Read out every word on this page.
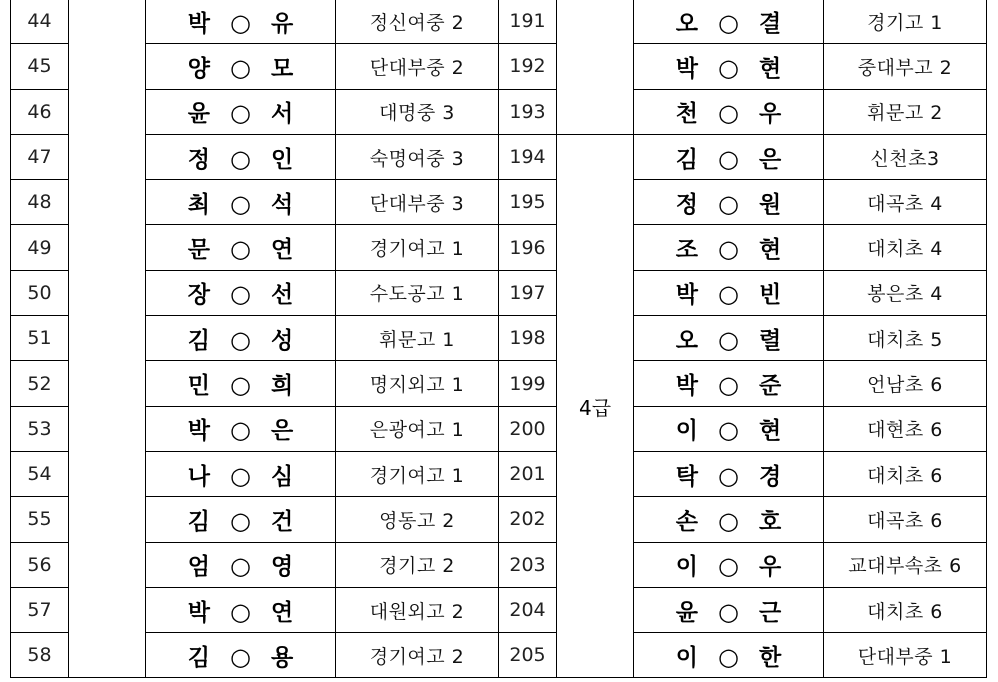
44		박 ○ 유	정신여중 2	191		오 ○ 결	경기고 1
45		양 ○ 모	단대부중 2	192		박 ○ 현	중대부고 2
46		윤 ○ 서	대명중 3	193		천 ○ 우	휘문고 2
47		정 ○ 인	숙명여중 3	194	4급	김 ○ 은	신천초3
48		최 ○ 석	단대부중 3	195		정 ○ 원	대곡초 4
49		문 ○ 연	경기여고 1	196		조 ○ 현	대치초 4
50		장 ○ 선	수도공고 1	197		박 ○ 빈	봉은초 4
51		김 ○ 성	휘문고 1	198		오 ○ 렬	대치초 5
52		민 ○ 희	명지외고 1	199		박 ○ 준	언남초 6
53		박 ○ 은	은광여고 1	200		이 ○ 현	대현초 6
54		나 ○ 심	경기여고 1	201		탁 ○ 경	대치초 6
55		김 ○ 건	영동고 2	202		손 ○ 호	대곡초 6
56		엄 ○ 영	경기고 2	203		이 ○ 우	교대부속초 6
57		박 ○ 연	대원외고 2	204		윤 ○ 근	대치초 6
58		김 ○ 용	경기여고 2	205		이 ○ 한	단대부중 1
